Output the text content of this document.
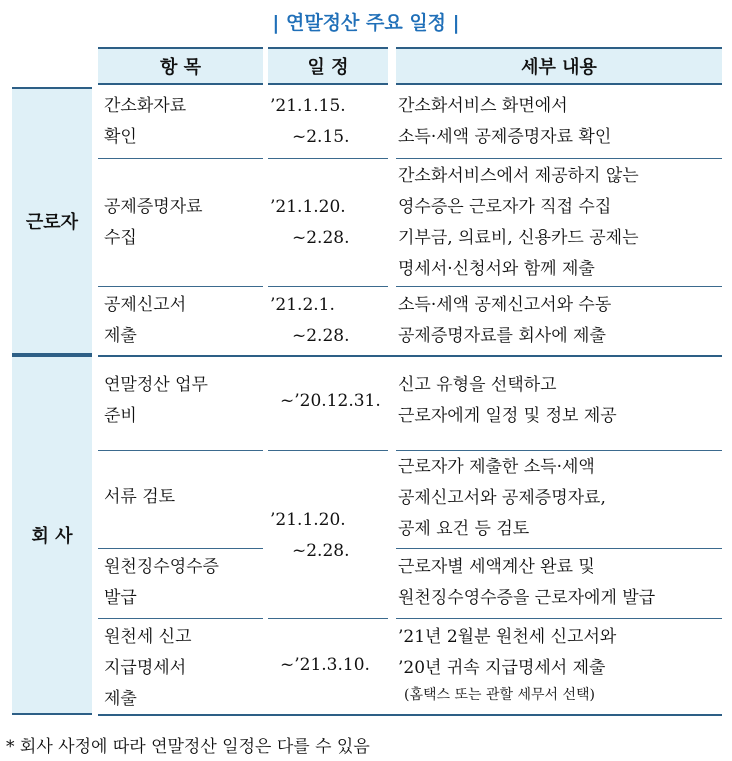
| 연말정산 주요 일정 |
항 목	일 정	세부 내용
근로자
회 사
간소화자료
확인
’21.1.15.
~2.15.
간소화서비스 화면에서
소득·세액 공제증명자료 확인
공제증명자료
수집
’21.1.20.
~2.28.
간소화서비스에서 제공하지 않는
영수증은 근로자가 직접 수집
기부금, 의료비, 신용카드 공제는
명세서·신청서와 함께 제출
공제신고서
제출
’21.2.1.
~2.28.
소득·세액 공제신고서와 수동
공제증명자료를 회사에 제출
연말정산 업무
준비
~’20.12.31.
신고 유형을 선택하고
근로자에게 일정 및 정보 제공
서류 검토
’21.1.20.
~2.28.
근로자가 제출한 소득·세액
공제신고서와 공제증명자료,
공제 요건 등 검토
원천징수영수증
발급
근로자별 세액계산 완료 및
원천징수영수증을 근로자에게 발급
원천세 신고
지급명세서
제출
~’21.3.10.
’21년 2월분 원천세 신고서와
’20년 귀속 지급명세서 제출
(홈택스 또는 관할 세무서 선택)
* 회사 사정에 따라 연말정산 일정은 다를 수 있음
